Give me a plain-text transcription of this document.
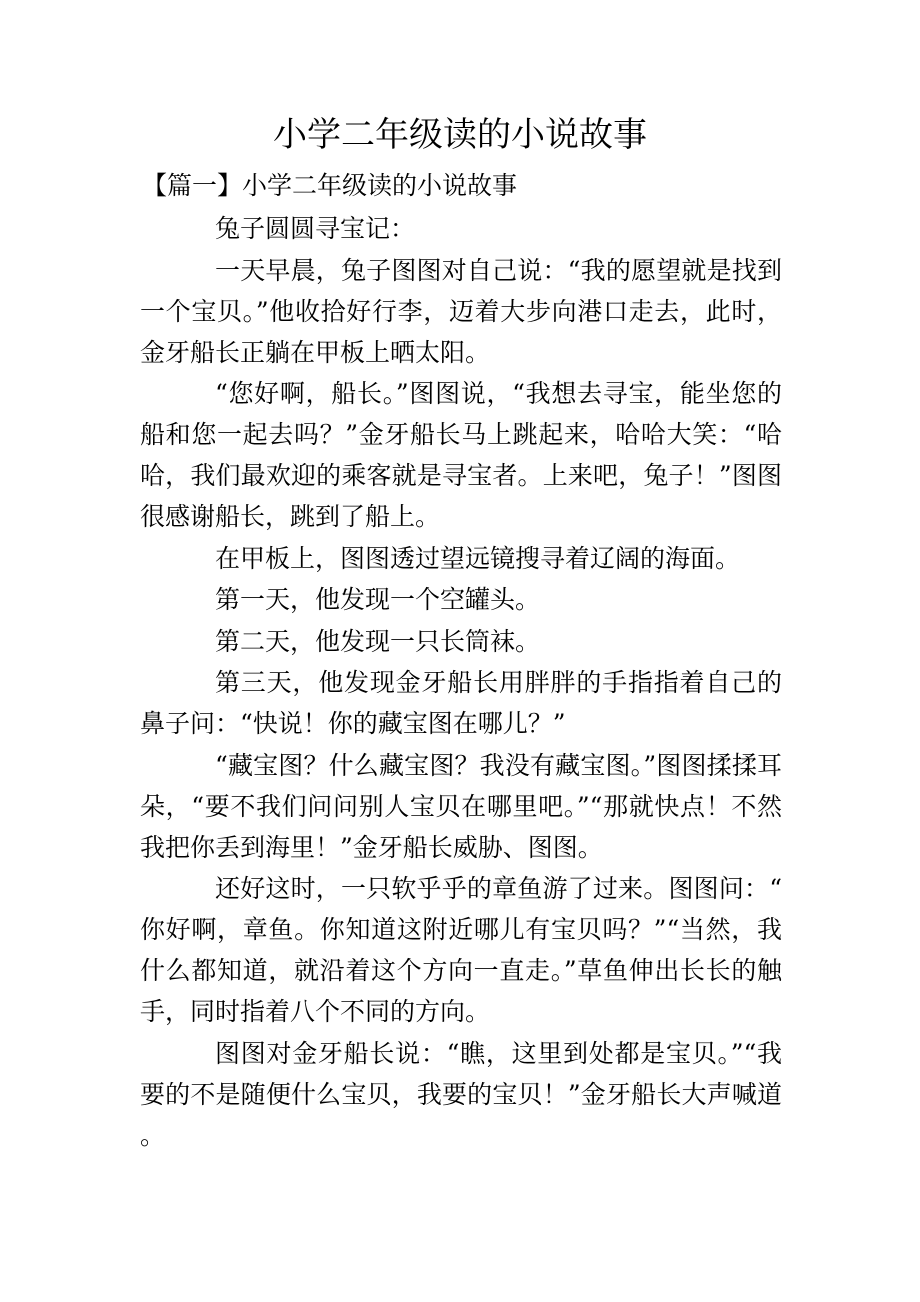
小学二年级读的小说故事

【篇一】小学二年级读的小说故事

兔子圆圆寻宝记：

一天早晨，兔子图图对自己说：“我的愿望就是找到一个宝贝。”他收拾好行李，迈着大步向港口走去，此时，金牙船长正躺在甲板上晒太阳。

“您好啊，船长。”图图说，“我想去寻宝，能坐您的船和您一起去吗？”金牙船长马上跳起来，哈哈大笑：“哈哈，我们最欢迎的乘客就是寻宝者。上来吧，兔子！”图图很感谢船长，跳到了船上。

在甲板上，图图透过望远镜搜寻着辽阔的海面。

第一天，他发现一个空罐头。

第二天，他发现一只长筒袜。

第三天，他发现金牙船长用胖胖的手指指着自己的鼻子问：“快说！你的藏宝图在哪儿？”

“藏宝图？什么藏宝图？我没有藏宝图。”图图揉揉耳朵，“要不我们问问别人宝贝在哪里吧。”“那就快点！不然我把你丢到海里！”金牙船长威胁、图图。

还好这时，一只软乎乎的章鱼游了过来。图图问：“你好啊，章鱼。你知道这附近哪儿有宝贝吗？”“当然，我什么都知道，就沿着这个方向一直走。”草鱼伸出长长的触手，同时指着八个不同的方向。

图图对金牙船长说：“瞧，这里到处都是宝贝。”“我要的不是随便什么宝贝，我要的宝贝！”金牙船长大声喊道。
